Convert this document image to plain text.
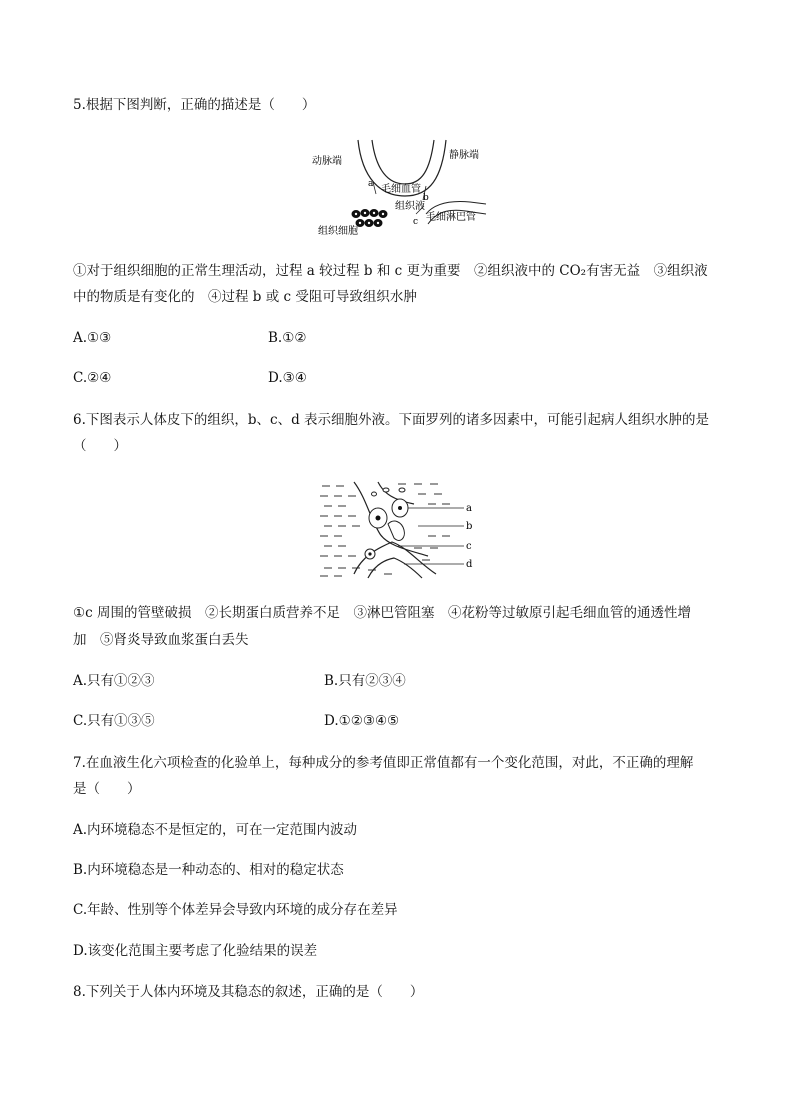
5.根据下图判断，正确的描述是（　　）
动脉端
静脉端
毛细血管
组织液
毛细淋巴管
组织细胞
a
b
c
①对于组织细胞的正常生理活动，过程 a 较过程 b 和 c 更为重要　②组织液中的 CO₂有害无益　③组织液
中的物质是有变化的　④过程 b 或 c 受阻可导致组织水肿
A.①③	B.①②
C.②④	D.③④
6.下图表示人体皮下的组织，b、c、d 表示细胞外液。下面罗列的诸多因素中，可能引起病人组织水肿的是
（　　）
a
b
c
d
①c 周围的管壁破损　②长期蛋白质营养不足　③淋巴管阻塞　④花粉等过敏原引起毛细血管的通透性增
加　⑤肾炎导致血浆蛋白丢失
A.只有①②③	B.只有②③④
C.只有①③⑤	D.①②③④⑤
7.在血液生化六项检查的化验单上，每种成分的参考值即正常值都有一个变化范围，对此，不正确的理解
是（　　）
A.内环境稳态不是恒定的，可在一定范围内波动
B.内环境稳态是一种动态的、相对的稳定状态
C.年龄、性别等个体差异会导致内环境的成分存在差异
D.该变化范围主要考虑了化验结果的误差
8.下列关于人体内环境及其稳态的叙述，正确的是（　　）
